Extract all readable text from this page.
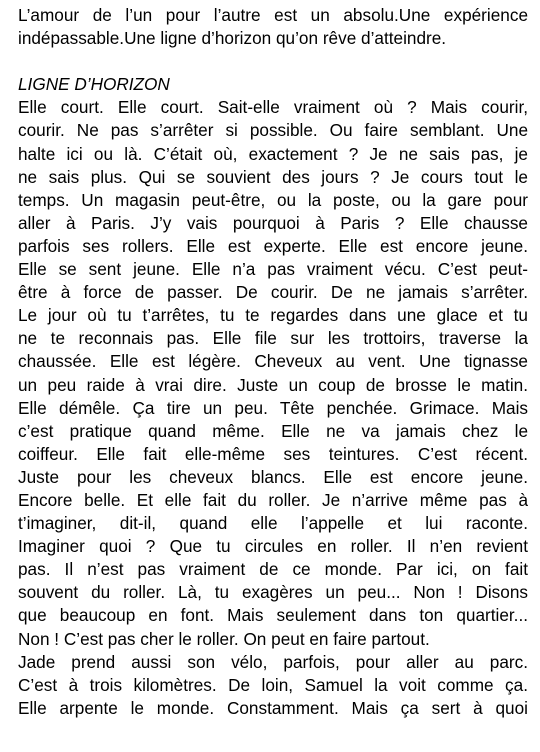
L’amour de l’un pour l’autre est un absolu.Une expérience
indépassable.Une ligne d’horizon qu’on rêve d’atteindre.
LIGNE D’HORIZON
Elle court. Elle court. Sait-elle vraiment où ? Mais courir,
courir. Ne pas s’arrêter si possible. Ou faire semblant. Une
halte ici ou là. C’était où, exactement ? Je ne sais pas, je
ne sais plus. Qui se souvient des jours ? Je cours tout le
temps. Un magasin peut-être, ou la poste, ou la gare pour
aller à Paris. J’y vais pourquoi à Paris ? Elle chausse
parfois ses rollers. Elle est experte. Elle est encore jeune.
Elle se sent jeune. Elle n’a pas vraiment vécu. C’est peut-
être à force de passer. De courir. De ne jamais s’arrêter.
Le jour où tu t’arrêtes, tu te regardes dans une glace et tu
ne te reconnais pas. Elle file sur les trottoirs, traverse la
chaussée. Elle est légère. Cheveux au vent. Une tignasse
un peu raide à vrai dire. Juste un coup de brosse le matin.
Elle démêle. Ça tire un peu. Tête penchée. Grimace. Mais
c’est pratique quand même. Elle ne va jamais chez le
coiffeur. Elle fait elle-même ses teintures. C’est récent.
Juste pour les cheveux blancs. Elle est encore jeune.
Encore belle. Et elle fait du roller. Je n’arrive même pas à
t’imaginer, dit-il, quand elle l’appelle et lui raconte.
Imaginer quoi ? Que tu circules en roller. Il n’en revient
pas. Il n’est pas vraiment de ce monde. Par ici, on fait
souvent du roller. Là, tu exagères un peu... Non ! Disons
que beaucoup en font. Mais seulement dans ton quartier...
Non ! C’est pas cher le roller. On peut en faire partout.
Jade prend aussi son vélo, parfois, pour aller au parc.
C’est à trois kilomètres. De loin, Samuel la voit comme ça.
Elle arpente le monde. Constamment. Mais ça sert à quoi
